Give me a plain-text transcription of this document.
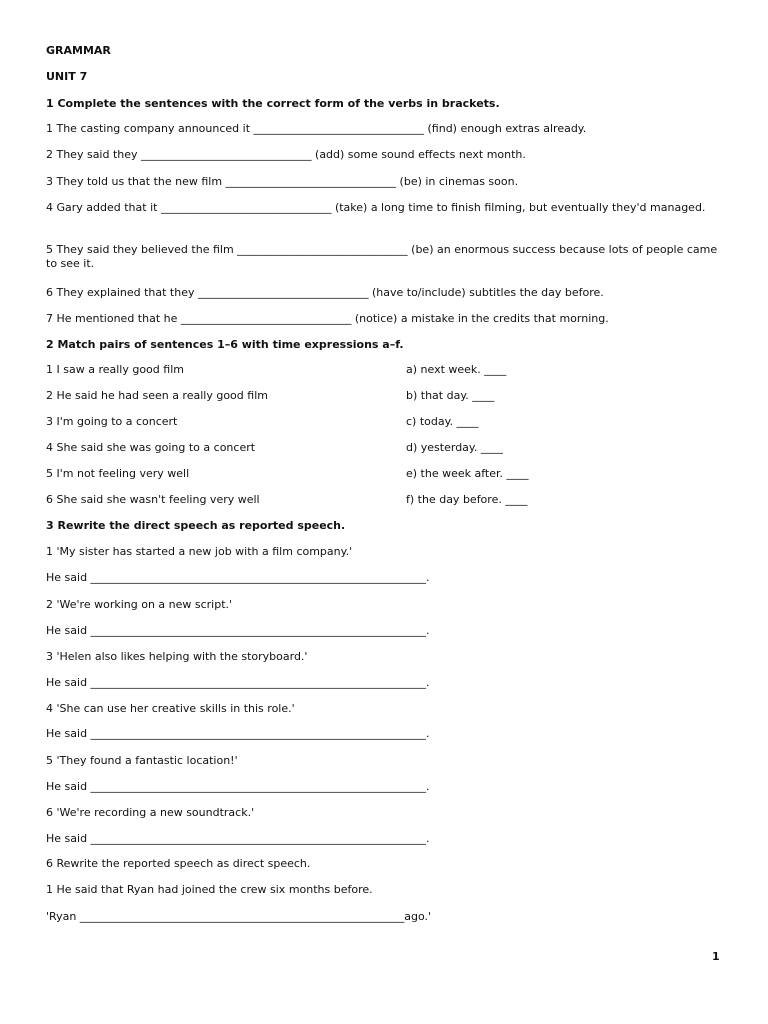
GRAMMAR
UNIT 7
1 Complete the sentences with the correct form of the verbs in brackets.
1 The casting company announced it _______________________________ (find) enough extras already.
2 They said they _______________________________ (add) some sound effects next month.
3 They told us that the new film _______________________________ (be) in cinemas soon.
4 Gary added that it _______________________________ (take) a long time to finish filming, but eventually they'd managed.
5 They said they believed the film _______________________________ (be) an enormous success because lots of people came to see it.
6 They explained that they _______________________________ (have to/include) subtitles the day before.
7 He mentioned that he _______________________________ (notice) a mistake in the credits that morning.
2 Match pairs of sentences 1–6 with time expressions a–f.
1 I saw a really good film	a) next week. ____
2 He said he had seen a really good film	b) that day. ____
3 I'm going to a concert	c) today. ____
4 She said she was going to a concert	d) yesterday. ____
5 I'm not feeling very well	e) the week after. ____
6 She said she wasn't feeling very well	f) the day before. ____
3 Rewrite the direct speech as reported speech.
1 'My sister has started a new job with a film company.'
He said _____________________________________________________________.
2 'We're working on a new script.'
He said _____________________________________________________________.
3 'Helen also likes helping with the storyboard.'
He said _____________________________________________________________.
4 'She can use her creative skills in this role.'
He said _____________________________________________________________.
5 'They found a fantastic location!'
He said _____________________________________________________________.
6 'We're recording a new soundtrack.'
He said _____________________________________________________________.
6 Rewrite the reported speech as direct speech.
1 He said that Ryan had joined the crew six months before.
'Ryan ___________________________________________________________ago.'
1
